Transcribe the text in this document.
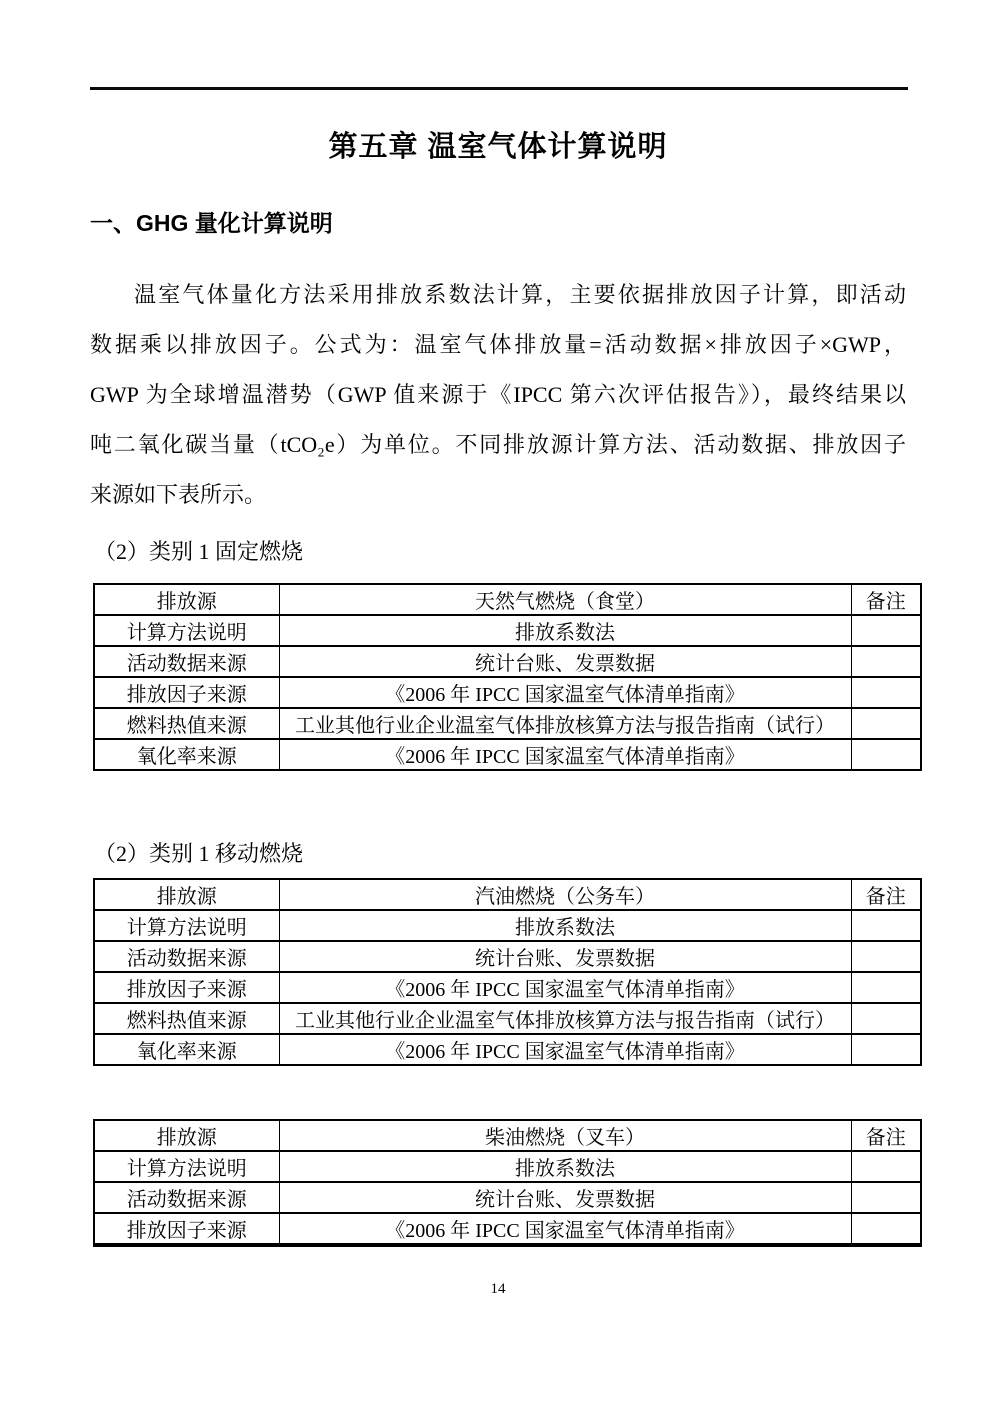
第五章 温室气体计算说明
一、GHG 量化计算说明
温室气体量化方法采用排放系数法计算，主要依据排放因子计算，即活动
数据乘以排放因子。公式为：温室气体排放量=活动数据×排放因子×GWP，
GWP 为全球增温潜势（GWP 值来源于《IPCC 第六次评估报告》），最终结果以
吨二氧化碳当量（tCO₂e）为单位。不同排放源计算方法、活动数据、排放因子
来源如下表所示。

（2）类别 1 固定燃烧

排放源	天然气燃烧（食堂）	备注
计算方法说明	排放系数法	
活动数据来源	统计台账、发票数据	
排放因子来源	《2006 年 IPCC 国家温室气体清单指南》	
燃料热值来源	工业其他行业企业温室气体排放核算方法与报告指南（试行）	
氧化率来源	《2006 年 IPCC 国家温室气体清单指南》	

（2）类别 1 移动燃烧

排放源	汽油燃烧（公务车）	备注
计算方法说明	排放系数法	
活动数据来源	统计台账、发票数据	
排放因子来源	《2006 年 IPCC 国家温室气体清单指南》	
燃料热值来源	工业其他行业企业温室气体排放核算方法与报告指南（试行）	
氧化率来源	《2006 年 IPCC 国家温室气体清单指南》	
排放源	柴油燃烧（叉车）	备注
计算方法说明	排放系数法	
活动数据来源	统计台账、发票数据	
排放因子来源	《2006 年 IPCC 国家温室气体清单指南》	
14
